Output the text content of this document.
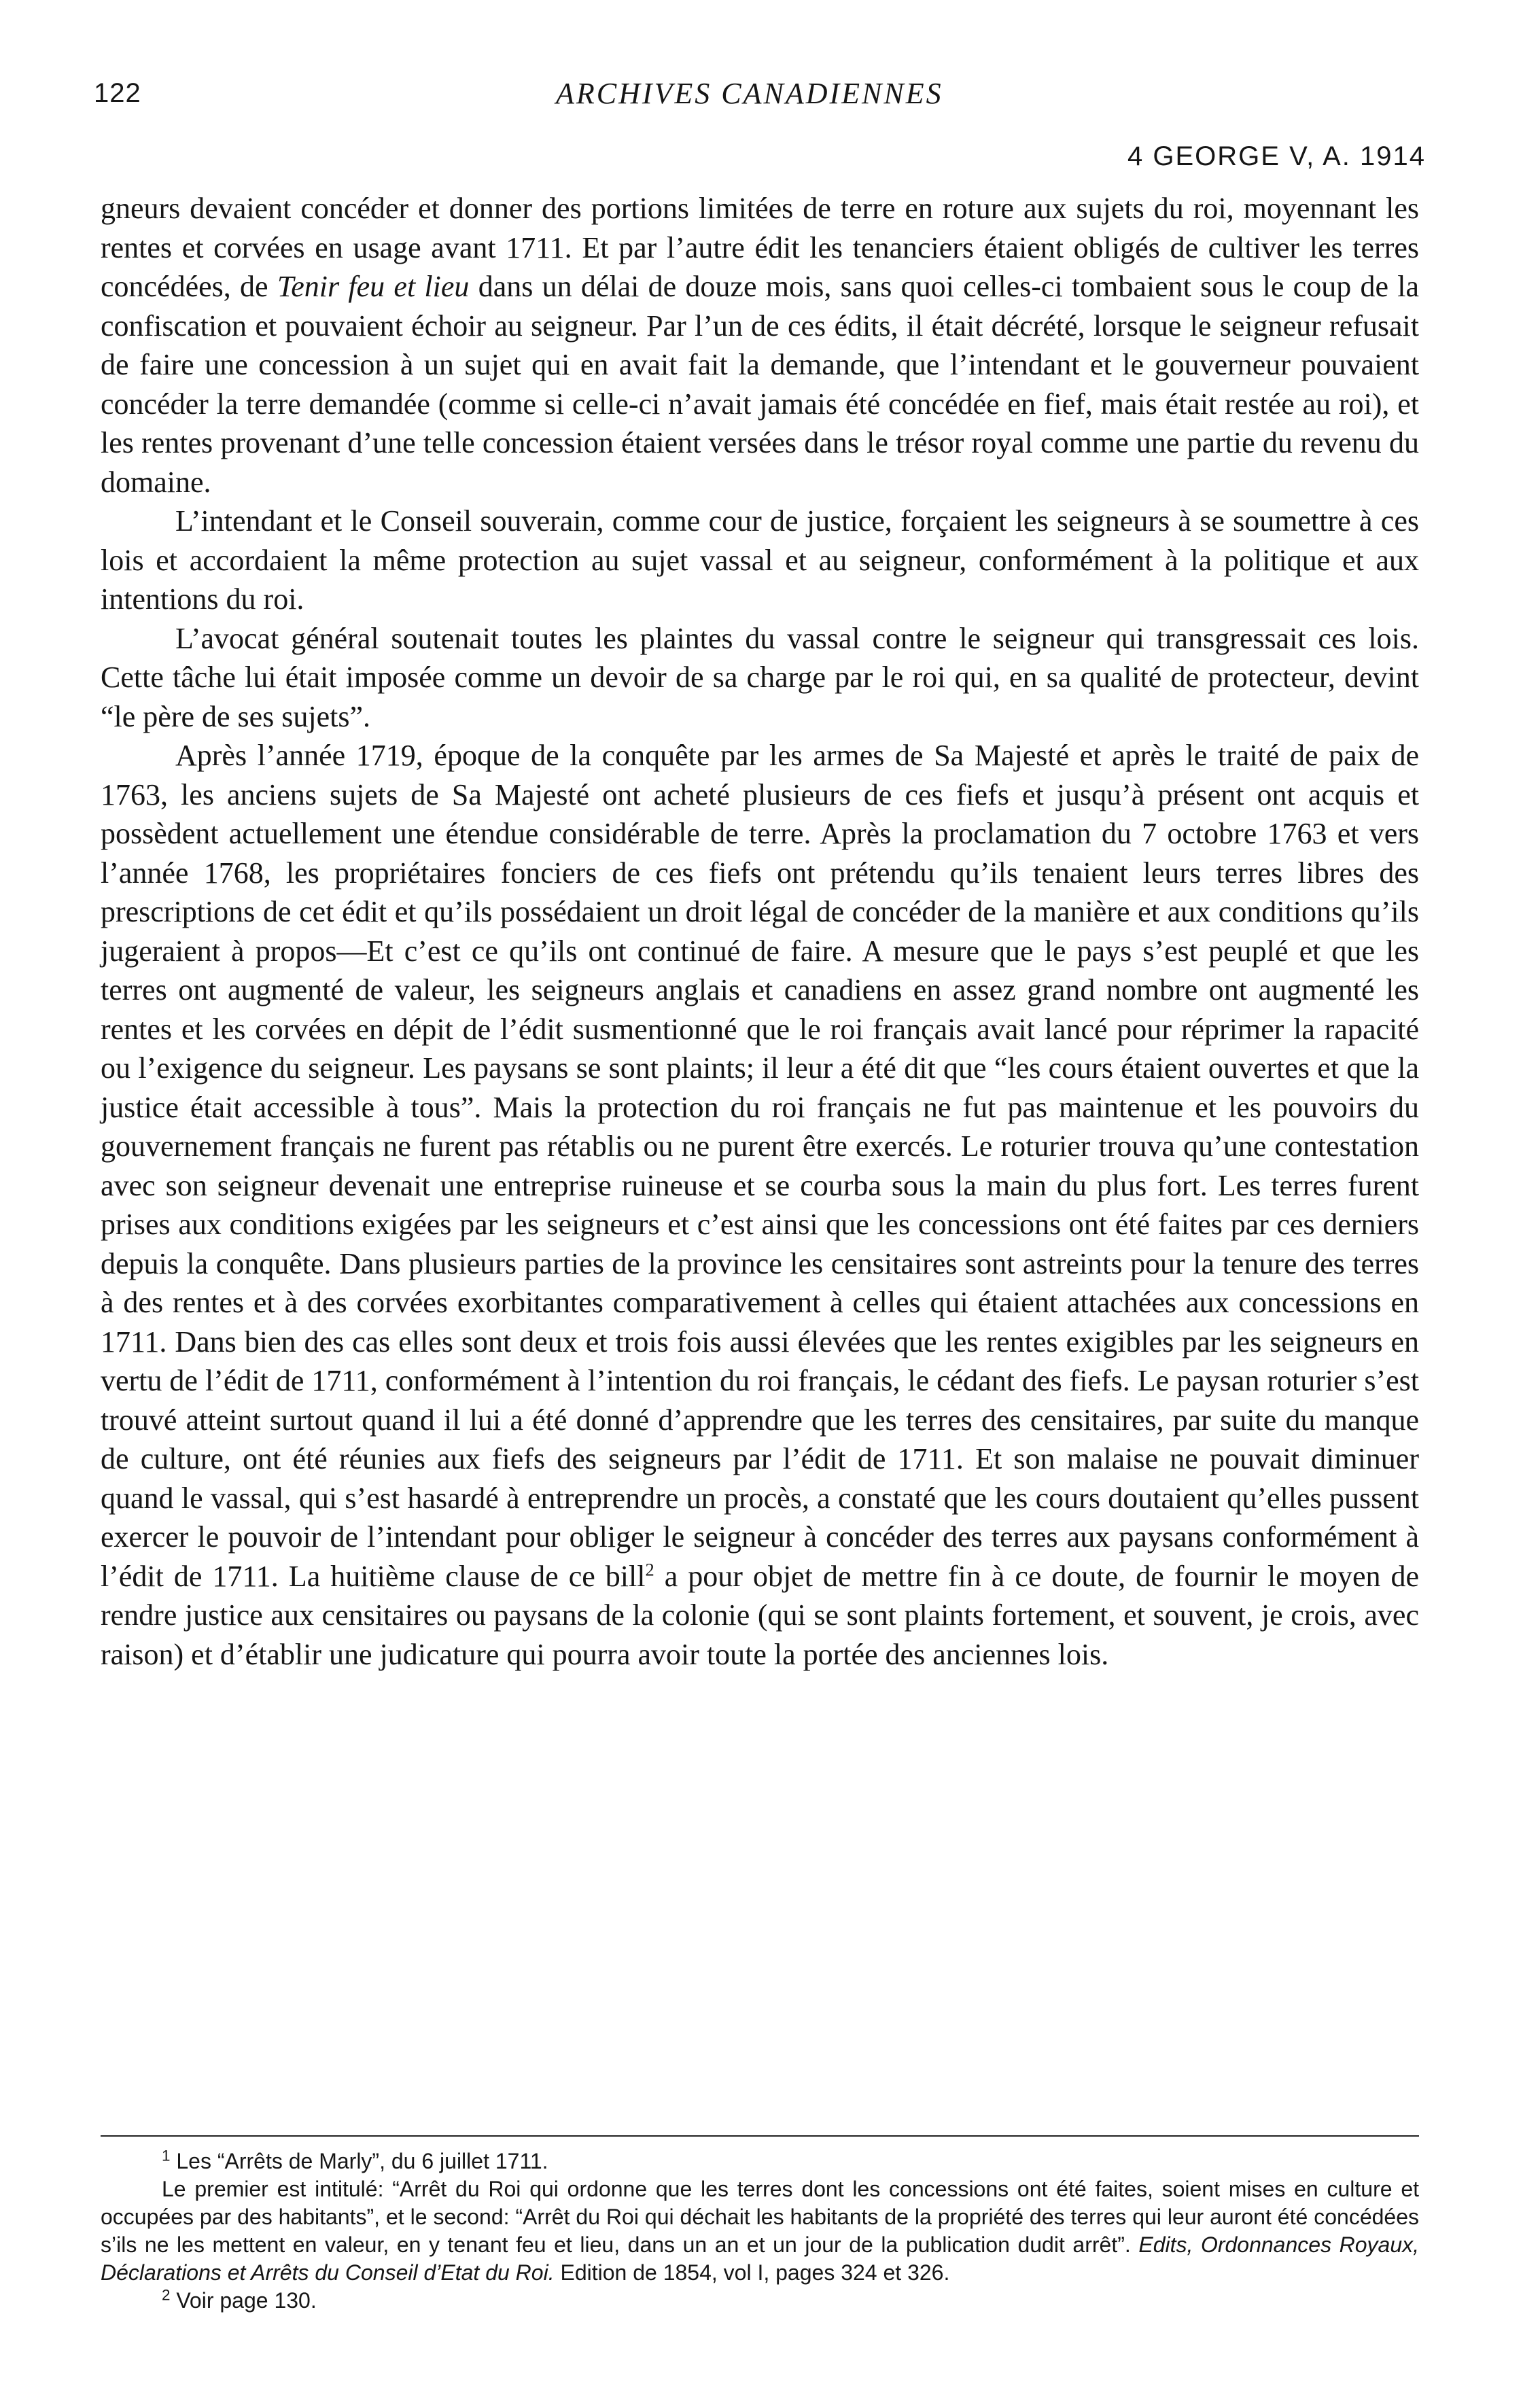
122	ARCHIVES CANADIENNES
4 GEORGE V, A. 1914

gneurs devaient concéder et donner des portions limitées de terre en roture aux sujets du roi, moyennant les rentes et corvées en usage avant 1711. Et par l’autre édit les tenanciers étaient obligés de cultiver les terres concédées, de Tenir feu et lieu dans un délai de douze mois, sans quoi celles-ci tombaient sous le coup de la confiscation et pouvaient échoir au seigneur. Par l’un de ces édits, il était décrété, lorsque le seigneur refusait de faire une concession à un sujet qui en avait fait la demande, que l’intendant et le gouverneur pouvaient concéder la terre demandée (comme si celle-ci n’avait jamais été concédée en fief, mais était restée au roi), et les rentes provenant d’une telle concession étaient versées dans le trésor royal comme une partie du revenu du domaine.

L’intendant et le Conseil souverain, comme cour de justice, forçaient les seigneurs à se soumettre à ces lois et accordaient la même protection au sujet vassal et au seigneur, conformément à la politique et aux intentions du roi.

L’avocat général soutenait toutes les plaintes du vassal contre le seigneur qui transgressait ces lois. Cette tâche lui était imposée comme un devoir de sa charge par le roi qui, en sa qualité de protecteur, devint “le père de ses sujets”.

Après l’année 1719, époque de la conquête par les armes de Sa Majesté et après le traité de paix de 1763, les anciens sujets de Sa Majesté ont acheté plusieurs de ces fiefs et jusqu’à présent ont acquis et possèdent actuellement une étendue considérable de terre. Après la proclamation du 7 octobre 1763 et vers l’année 1768, les propriétaires fonciers de ces fiefs ont prétendu qu’ils tenaient leurs terres libres des prescriptions de cet édit et qu’ils possédaient un droit légal de concéder de la manière et aux conditions qu’ils jugeraient à propos—Et c’est ce qu’ils ont continué de faire. A mesure que le pays s’est peuplé et que les terres ont augmenté de valeur, les seigneurs anglais et canadiens en assez grand nombre ont augmenté les rentes et les corvées en dépit de l’édit susmentionné que le roi français avait lancé pour réprimer la rapacité ou l’exigence du seigneur. Les paysans se sont plaints; il leur a été dit que “les cours étaient ouvertes et que la justice était accessible à tous”. Mais la protection du roi français ne fut pas maintenue et les pouvoirs du gouvernement français ne furent pas rétablis ou ne purent être exercés. Le roturier trouva qu’une contestation avec son seigneur devenait une entreprise ruineuse et se courba sous la main du plus fort. Les terres furent prises aux conditions exigées par les seigneurs et c’est ainsi que les concessions ont été faites par ces derniers depuis la conquête. Dans plusieurs parties de la province les censitaires sont astreints pour la tenure des terres à des rentes et à des corvées exorbitantes comparativement à celles qui étaient attachées aux concessions en 1711. Dans bien des cas elles sont deux et trois fois aussi élevées que les rentes exigibles par les seigneurs en vertu de l’édit de 1711, conformément à l’intention du roi français, le cédant des fiefs. Le paysan roturier s’est trouvé atteint surtout quand il lui a été donné d’apprendre que les terres des censitaires, par suite du manque de culture, ont été réunies aux fiefs des seigneurs par l’édit de 1711. Et son malaise ne pouvait diminuer quand le vassal, qui s’est hasardé à entreprendre un procès, a constaté que les cours doutaient qu’elles pussent exercer le pouvoir de l’intendant pour obliger le seigneur à concéder des terres aux paysans conformément à l’édit de 1711. La huitième clause de ce bill$^2$ a pour objet de mettre fin à ce doute, de fournir le moyen de rendre justice aux censitaires ou paysans de la colonie (qui se sont plaints fortement, et souvent, je crois, avec raison) et d’établir une judicature qui pourra avoir toute la portée des anciennes lois.

$^1$ Les “Arrêts de Marly”, du 6 juillet 1711.

Le premier est intitulé: “Arrêt du Roi qui ordonne que les terres dont les concessions ont été faites, soient mises en culture et occupées par des habitants”, et le second: “Arrêt du Roi qui déchait les habitants de la propriété des terres qui leur auront été concédées s’ils ne les mettent en valeur, en y tenant feu et lieu, dans un an et un jour de la publication dudit arrêt”. Edits, Ordonnances Royaux, Déclarations et Arrêts du Conseil d’Etat du Roi. Edition de 1854, vol I, pages 324 et 326.

$^2$ Voir page 130.
